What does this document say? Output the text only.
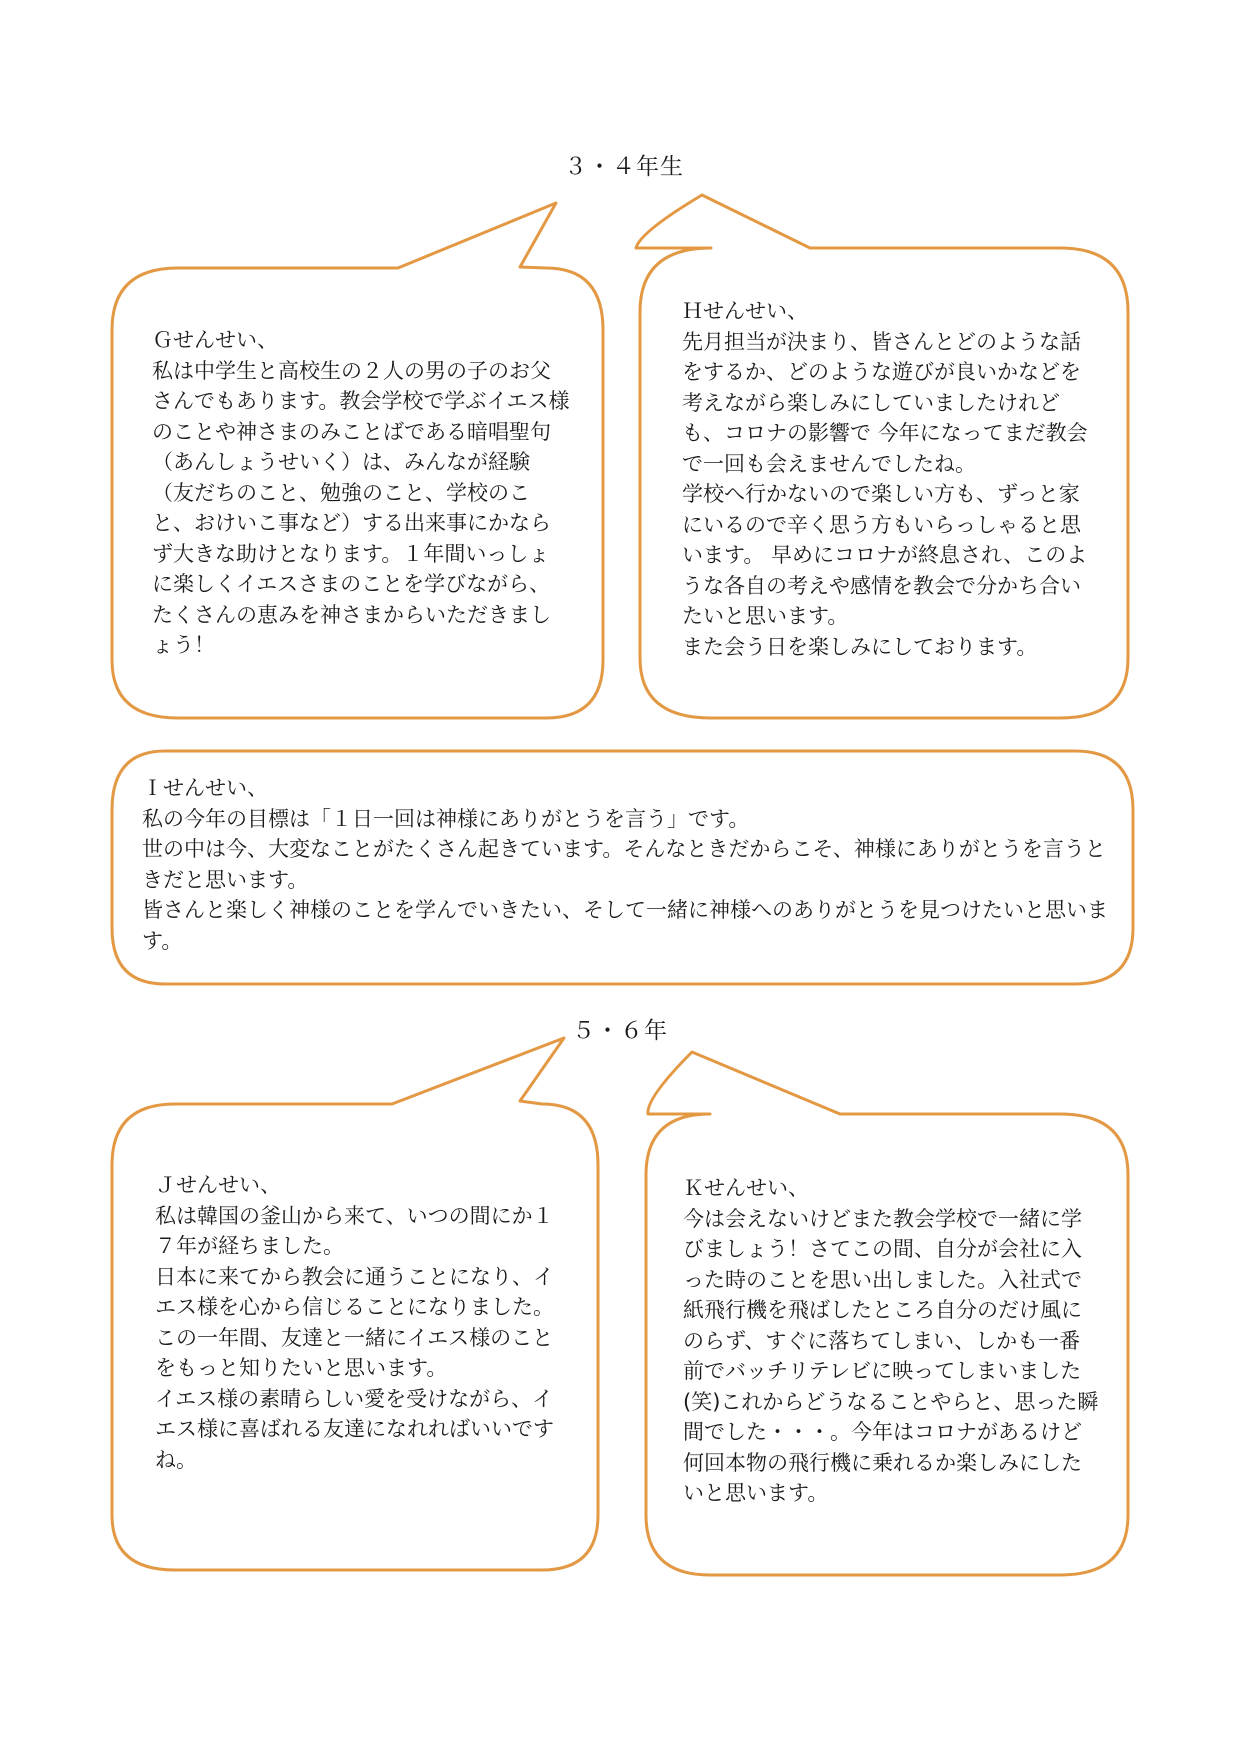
３・４年生
５・６年

Ｇせんせい、

私は中学生と高校生の２人の男の子のお父さんでもあります。教会学校で学ぶイエス様のことや神さまのみことばである暗唱聖句（あんしょうせいく）は、みんなが経験（友だちのこと、勉強のこと、学校のこと、おけいこ事など）する出来事にかならず大きな助けとなります。１年間いっしょに楽しくイエスさまのことを学びながら、たくさんの恵みを神さまからいただきましょう！

Ｈせんせい、

先月担当が決まり、皆さんとどのような話をするか、どのような遊びが良いかなどを考えながら楽しみにしていましたけれども、コロナの影響で 今年になってまだ教会で一回も会えませんでしたね。

学校へ行かないので楽しい方も、ずっと家にいるので辛く思う方もいらっしゃると思います。 早めにコロナが終息され、このような各自の考えや感情を教会で分かち合いたいと思います。

また会う日を楽しみにしております。

Ｉせんせい、

私の今年の目標は「１日一回は神様にありがとうを言う」です。

世の中は今、大変なことがたくさん起きています。そんなときだからこそ、神様にありがとうを言うときだと思います。

皆さんと楽しく神様のことを学んでいきたい、そして一緒に神様へのありがとうを見つけたいと思います。

Ｊせんせい、

私は韓国の釜山から来て、いつの間にか１７年が経ちました。

日本に来てから教会に通うことになり、イエス様を心から信じることになりました。

この一年間、友達と一緒にイエス様のことをもっと知りたいと思います。

イエス様の素晴らしい愛を受けながら、イエス様に喜ばれる友達になれればいいですね。

Ｋせんせい、

今は会えないけどまた教会学校で一緒に学びましょう！さてこの間、自分が会社に入った時のことを思い出しました。入社式で紙飛行機を飛ばしたところ自分のだけ風にのらず、すぐに落ちてしまい、しかも一番前でバッチリテレビに映ってしまいました(笑)これからどうなることやらと、思った瞬間でした・・・。今年はコロナがあるけど何回本物の飛行機に乗れるか楽しみにしたいと思います。
